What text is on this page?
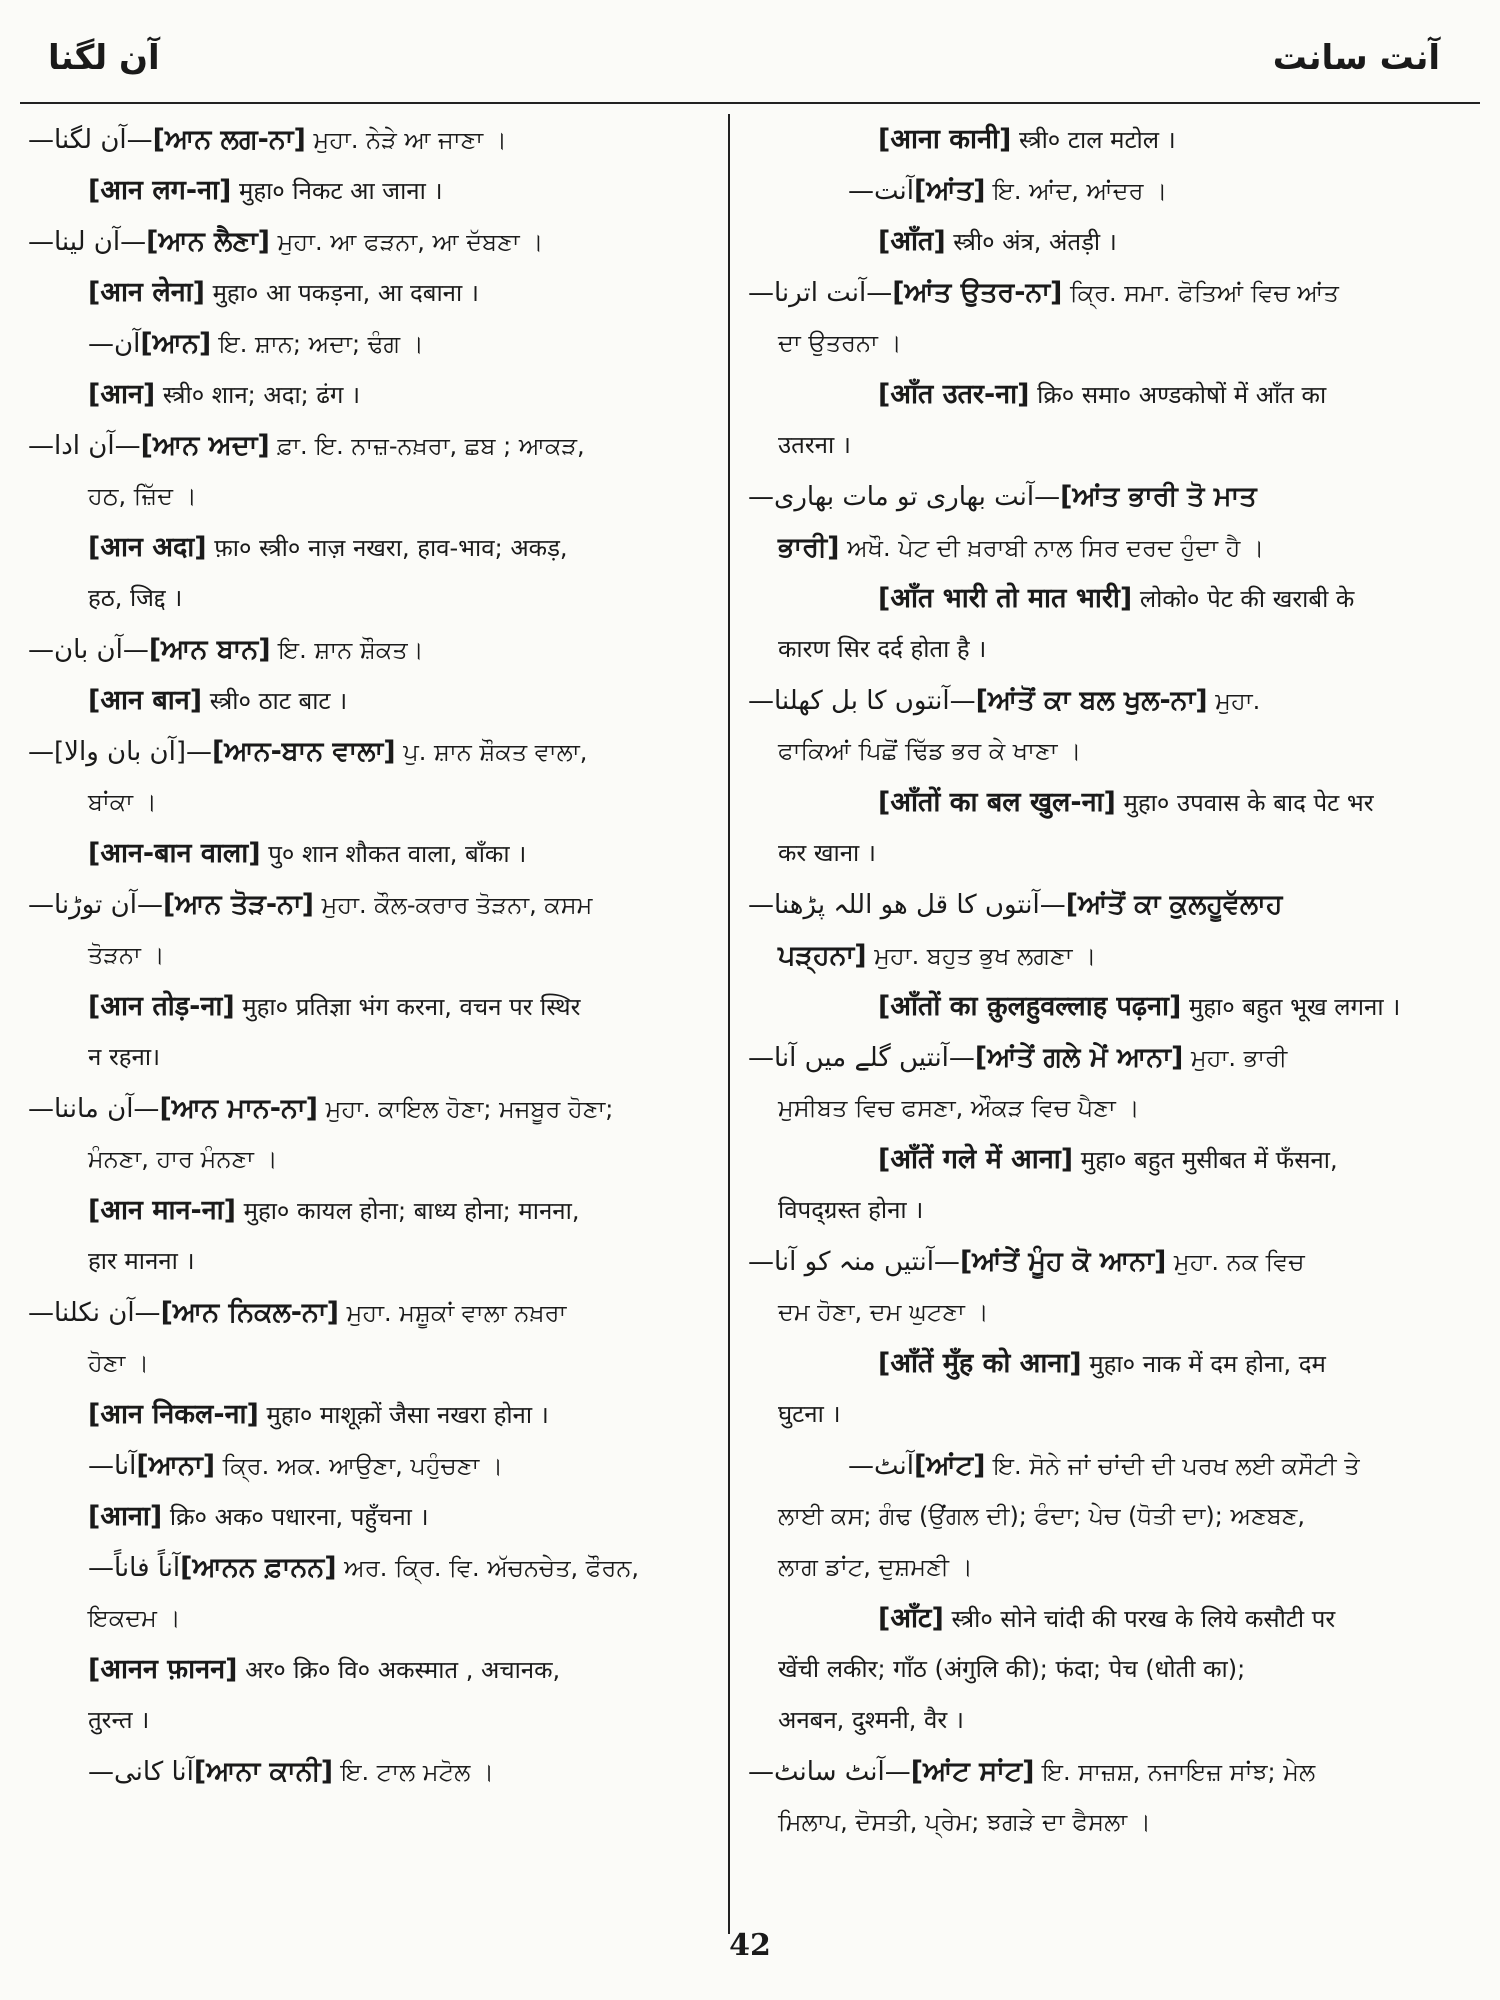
آن لگنا	آنت سانت
—آن لگنا—[ਆਨ ਲਗ-ਨਾ] ਮੁਹਾ. ਨੇੜੇ ਆ ਜਾਣਾ ।
[आन लग-ना] मुहा० निकट आ जाना ।
—آن لینا—[ਆਨ ਲੈਣਾ] ਮੁਹਾ. ਆ ਫੜਨਾ, ਆ ਦੱਬਣਾ ।
[आन लेना] मुहा० आ पकड़ना, आ दबाना ।
آن—[ਆਨ] ਇ. ਸ਼ਾਨ; ਅਦਾ; ਢੰਗ ।
[आन] स्त्री० शान; अदा; ढंग ।
—آن ادا—[ਆਨ ਅਦਾ] ਫ਼ਾ. ਇ. ਨਾਜ਼-ਨਖ਼ਰਾ, ਛਬ ; ਆਕੜ,
ਹਠ, ਜ਼ਿੱਦ ।
[आन अदा] फ़ा० स्त्री० नाज़ नखरा, हाव-भाव; अकड़,
हठ, जिद्द ।
—آن بان—[ਆਨ ਬਾਨ] ਇ. ਸ਼ਾਨ ਸ਼ੌਕਤ।
[आन बान] स्त्री० ठाट बाट ।
—[آن بان والا]—[ਆਨ-ਬਾਨ ਵਾਲਾ] ਪੁ. ਸ਼ਾਨ ਸ਼ੌਕਤ ਵਾਲਾ,
ਬਾਂਕਾ ।
[आन-बान वाला] पु० शान शौकत वाला, बाँका ।
—آن توڑنا—[ਆਨ ਤੋੜ-ਨਾ] ਮੁਹਾ. ਕੌਲ-ਕਰਾਰ ਤੋੜਨਾ, ਕਸਮ
ਤੋੜਨਾ ।
[आन तोड़-ना] मुहा० प्रतिज्ञा भंग करना, वचन पर स्थिर
न रहना।
—آن ماننا—[ਆਨ ਮਾਨ-ਨਾ] ਮੁਹਾ. ਕਾਇਲ ਹੋਣਾ; ਮਜਬੂਰ ਹੋਣਾ;
ਮੰਨਣਾ, ਹਾਰ ਮੰਨਣਾ ।
[आन मान-ना] मुहा० कायल होना; बाध्य होना; मानना,
हार मानना ।
—آن نکلنا—[ਆਨ ਨਿਕਲ-ਨਾ] ਮੁਹਾ. ਮਸ਼ੂਕਾਂ ਵਾਲਾ ਨਖ਼ਰਾ
ਹੋਣਾ ।
[आन निकल-ना] मुहा० माशूक़ों जैसा नखरा होना ।
آنا—[ਆਨਾ] ਕ੍ਰਿ. ਅਕ. ਆਉਣਾ, ਪਹੁੰਚਣਾ ।
[आना] क्रि० अक० पधारना, पहुँचना ।
آناً فاناً—[ਆਨਨ ਫ਼ਾਨਨ] ਅਰ. ਕ੍ਰਿ. ਵਿ. ਅੱਚਨਚੇਤ, ਫੌਰਨ,
ਇਕਦਮ ।
[आनन फ़ानन] अर० क्रि० वि० अकस्मात , अचानक,
तुरन्त ।
آنا کانی—[ਆਨਾ ਕਾਨੀ] ਇ. ਟਾਲ ਮਟੋਲ ।
[आना कानी] स्त्री० टाल मटोल ।
آنت—[ਆਂਤ] ਇ. ਆਂਦ, ਆਂਦਰ ।
[आँत] स्त्री० अंत्र, अंतड़ी ।
—آنت اترنا—[ਆਂਤ ਉਤਰ-ਨਾ] ਕ੍ਰਿ. ਸਮਾ. ਫੋਤਿਆਂ ਵਿਚ ਆਂਤ
ਦਾ ਉਤਰਨਾ ।
[आँत उतर-ना] क्रि० समा० अण्डकोषों में आँत का
उतरना ।
—آنت بھاری تو مات بھاری—[ਆਂਤ ਭਾਰੀ ਤੋ ਮਾਤ
ਭਾਰੀ] ਅਖੌ. ਪੇਟ ਦੀ ਖ਼ਰਾਬੀ ਨਾਲ ਸਿਰ ਦਰਦ ਹੁੰਦਾ ਹੈ ।
[आँत भारी तो मात भारी] लोको० पेट की खराबी के
कारण सिर दर्द होता है ।
—آنتوں کا بل کھلنا—[ਆਂਤੋਂ ਕਾ ਬਲ ਖੁਲ-ਨਾ] ਮੁਹਾ.
ਫਾਕਿਆਂ ਪਿਛੋਂ ਢਿੱਡ ਭਰ ਕੇ ਖਾਣਾ ।
[आँतों का बल खुल-ना] मुहा० उपवास के बाद पेट भर
कर खाना ।
—آنتوں کا قل ھو اللہ پڑھنا—[ਆਂਤੋਂ ਕਾ ਕੁਲਹੂਵੱਲਾਹ
ਪੜ੍ਹਨਾ] ਮੁਹਾ. ਬਹੁਤ ਭੁਖ ਲਗਣਾ ।
[आँतों का क़ुलहुवल्लाह पढ़ना] मुहा० बहुत भूख लगना ।
—آنتیں گلے میں آنا—[ਆਂਤੇਂ ਗਲੇ ਮੇਂ ਆਨਾ] ਮੁਹਾ. ਭਾਰੀ
ਮੁਸੀਬਤ ਵਿਚ ਫਸਣਾ, ਔਕੜ ਵਿਚ ਪੈਣਾ ।
[आँतें गले में आना] मुहा० बहुत मुसीबत में फँसना,
विपद्ग्रस्त होना ।
—آنتیں منہ کو آنا—[ਆਂਤੇਂ ਮੂੰਹ ਕੋ ਆਨਾ] ਮੁਹਾ. ਨਕ ਵਿਚ
ਦਮ ਹੋਣਾ, ਦਮ ਘੁਟਣਾ ।
[आँतें मुँह को आना] मुहा० नाक में दम होना, दम
घुटना ।
آنٹ—[ਆਂਟ] ਇ. ਸੋਨੇ ਜਾਂ ਚਾਂਦੀ ਦੀ ਪਰਖ ਲਈ ਕਸੌਟੀ ਤੇ
ਲਾਈ ਕਸ; ਗੰਢ (ਉਂਗਲ ਦੀ); ਫੰਦਾ; ਪੇਚ (ਧੋਤੀ ਦਾ); ਅਣਬਣ,
ਲਾਗ ਡਾਂਟ, ਦੁਸ਼ਮਣੀ ।
[आँट] स्त्री० सोने चांदी की परख के लिये कसौटी पर
खेंची लकीर; गाँठ (अंगुलि की); फंदा; पेच (धोती का);
अनबन, दुश्मनी, वैर ।
—آنٹ سانٹ—[ਆਂਟ ਸਾਂਟ] ਇ. ਸਾਜ਼ਸ਼, ਨਜਾਇਜ਼ ਸਾਂਝ; ਮੇਲ
ਮਿਲਾਪ, ਦੋਸਤੀ, ਪ੍ਰੇਮ; ਝਗੜੇ ਦਾ ਫੈਸਲਾ ।
42
